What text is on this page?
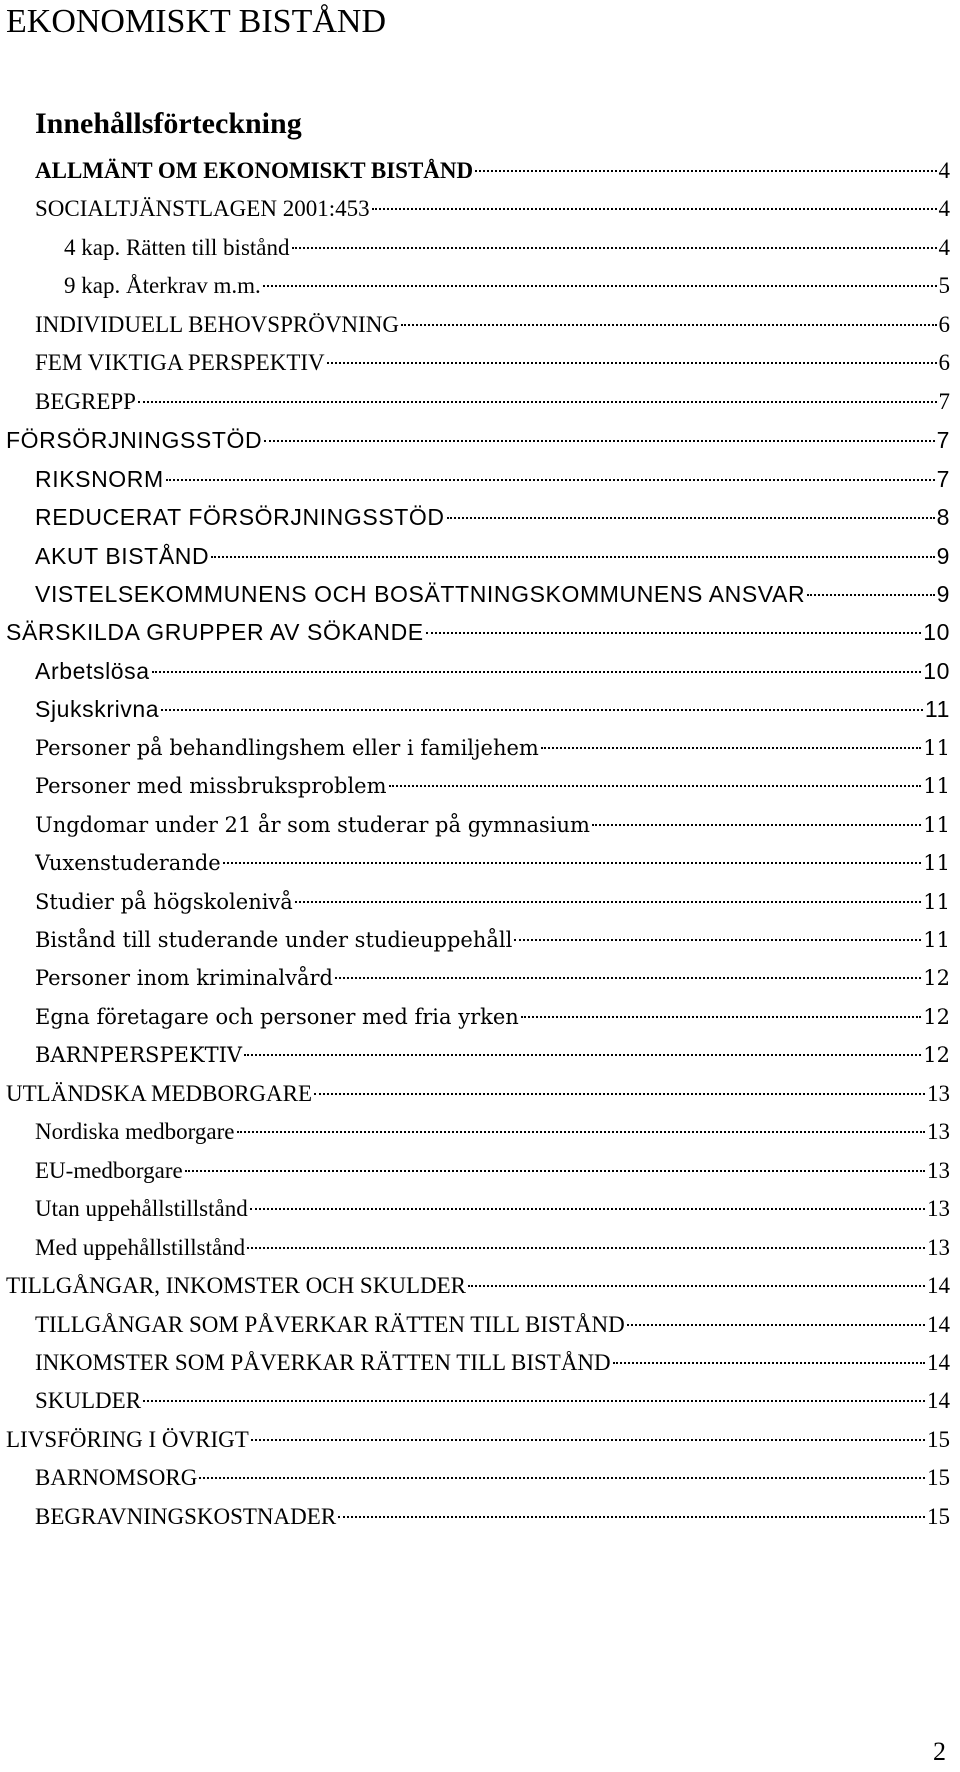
EKONOMISKT BISTÅND
Innehållsförteckning
ALLMÄNT OM EKONOMISKT BISTÅND	4
SOCIALTJÄNSTLAGEN 2001:453	4
4 kap. Rätten till bistånd	4
9 kap. Återkrav m.m.	5
INDIVIDUELL BEHOVSPRÖVNING	6
FEM VIKTIGA PERSPEKTIV	6
BEGREPP	7
FÖRSÖRJNINGSSTÖD	7
RIKSNORM	7
REDUCERAT FÖRSÖRJNINGSSTÖD	8
AKUT BISTÅND	9
VISTELSEKOMMUNENS OCH BOSÄTTNINGSKOMMUNENS ANSVAR	9
SÄRSKILDA GRUPPER AV SÖKANDE	10
Arbetslösa	10
Sjukskrivna	11
Personer på behandlingshem eller i familjehem	11
Personer med missbruksproblem	11
Ungdomar under 21 år som studerar på gymnasium	11
Vuxenstuderande	11
Studier på högskolenivå	11
Bistånd till studerande under studieuppehåll	11
Personer inom kriminalvård	12
Egna företagare och personer med fria yrken	12
BARNPERSPEKTIV	12
UTLÄNDSKA MEDBORGARE	13
Nordiska medborgare	13
EU-medborgare	13
Utan uppehållstillstånd	13
Med uppehållstillstånd	13
TILLGÅNGAR, INKOMSTER OCH SKULDER	14
TILLGÅNGAR SOM PÅVERKAR RÄTTEN TILL BISTÅND	14
INKOMSTER SOM PÅVERKAR RÄTTEN TILL BISTÅND	14
SKULDER	14
LIVSFÖRING I ÖVRIGT	15
BARNOMSORG	15
BEGRAVNINGSKOSTNADER	15
2
